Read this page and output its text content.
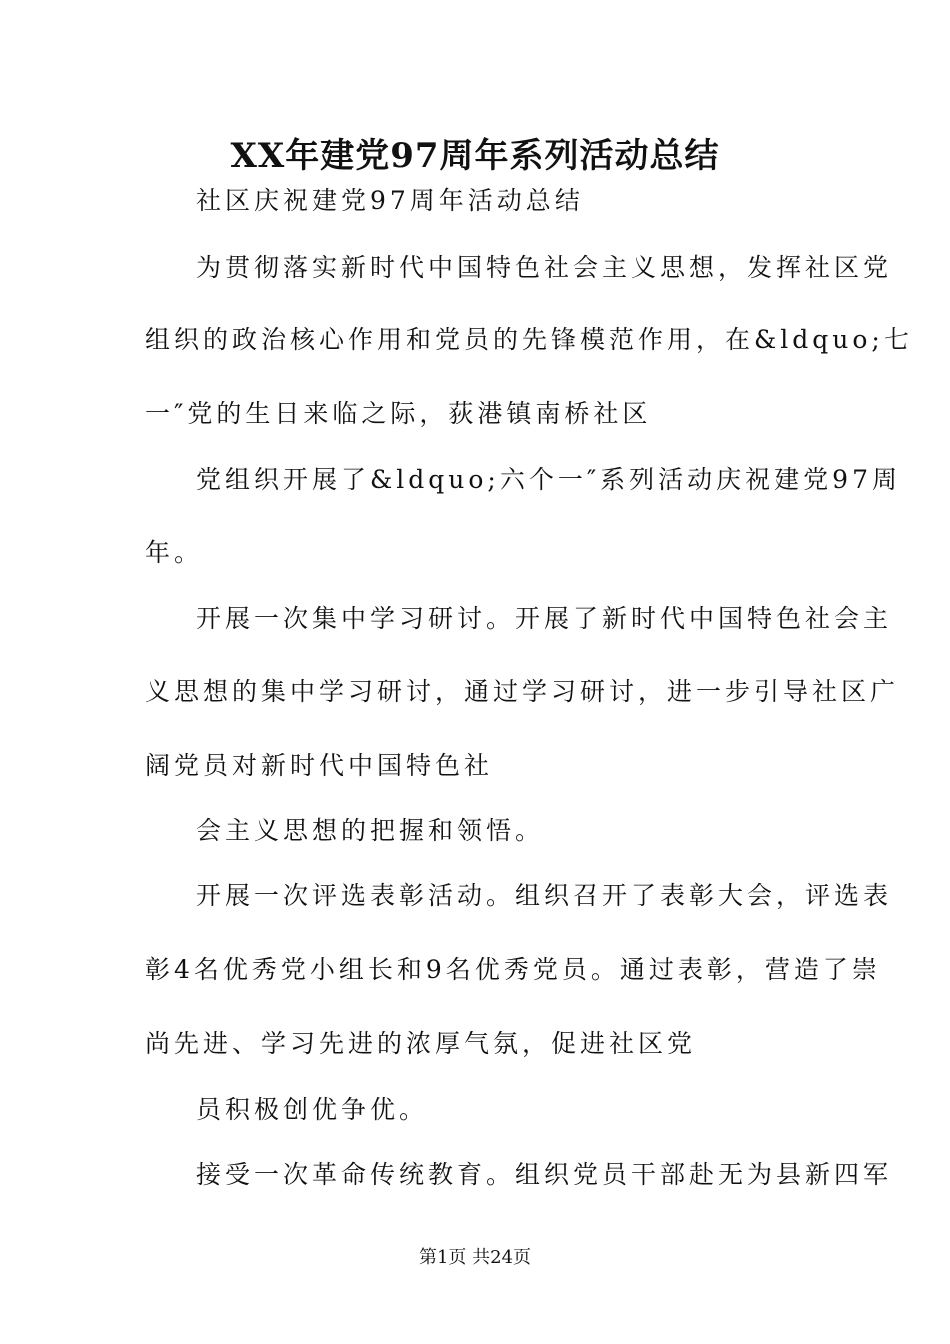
XX年建党97周年系列活动总结
社区庆祝建党97周年活动总结
为贯彻落实新时代中国特色社会主义思想，发挥社区党
组织的政治核心作用和党员的先锋模范作用，在&ldquo;七
一″党的生日来临之际，荻港镇南桥社区
党组织开展了&ldquo;六个一″系列活动庆祝建党97周
年。
开展一次集中学习研讨。开展了新时代中国特色社会主
义思想的集中学习研讨，通过学习研讨，进一步引导社区广
阔党员对新时代中国特色社
会主义思想的把握和领悟。
开展一次评选表彰活动。组织召开了表彰大会，评选表
彰4名优秀党小组长和9名优秀党员。通过表彰，营造了崇
尚先进、学习先进的浓厚气氛，促进社区党
员积极创优争优。
接受一次革命传统教育。组织党员干部赴无为县新四军
第1页 共24页
